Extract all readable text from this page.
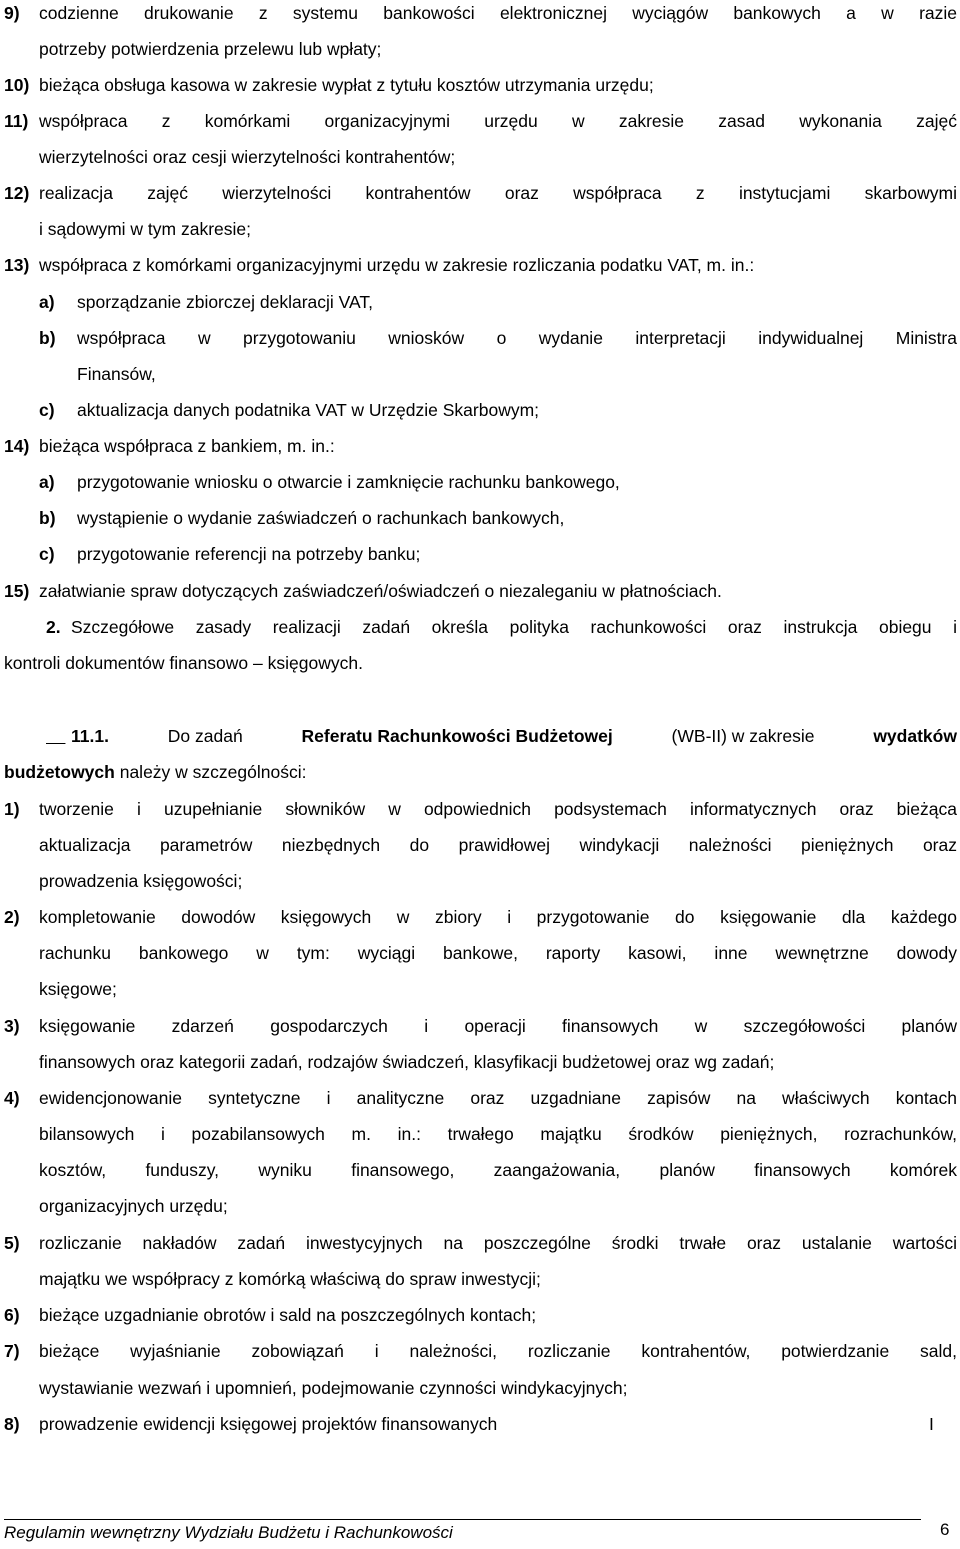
9) codzienne drukowanie z systemu bankowości elektronicznej wyciągów bankowych a w razie
potrzeby potwierdzenia przelewu lub wpłaty;
10) bieżąca obsługa kasowa w zakresie wypłat z tytułu kosztów utrzymania urzędu;
11) współpraca z komórkami organizacyjnymi urzędu w zakresie zasad wykonania zajęć
wierzytelności oraz cesji wierzytelności kontrahentów;
12) realizacja zajęć wierzytelności kontrahentów oraz współpraca z instytucjami skarbowymi
i sądowymi w tym zakresie;
13) współpraca z komórkami organizacyjnymi urzędu w zakresie rozliczania podatku VAT, m. in.:
a) sporządzanie zbiorczej deklaracji VAT,
b) współpraca w przygotowaniu wniosków o wydanie interpretacji indywidualnej Ministra
Finansów,
c) aktualizacja danych podatnika VAT w Urzędzie Skarbowym;
14) bieżąca współpraca z bankiem, m. in.:
a) przygotowanie wniosku o otwarcie i zamknięcie rachunku bankowego,
b) wystąpienie o wydanie zaświadczeń o rachunkach bankowych,
c) przygotowanie referencji na potrzeby banku;
15) załatwianie spraw dotyczących zaświadczeń/oświadczeń o niezaleganiu w płatnościach.
2. Szczegółowe zasady realizacji zadań określa polityka rachunkowości oraz instrukcja obiegu i
kontroli dokumentów finansowo – księgowych.

11.1.	Do zadań	Referatu Rachunkowości Budżetowej	(WB-II) w zakresie	wydatków
budżetowych należy w szczególności:
1) tworzenie i uzupełnianie słowników w odpowiednich podsystemach informatycznych oraz bieżąca
aktualizacja parametrów niezbędnych do prawidłowej windykacji należności pieniężnych oraz
prowadzenia księgowości;
2) kompletowanie dowodów księgowych w zbiory i przygotowanie do księgowanie dla każdego
rachunku bankowego w tym: wyciągi bankowe, raporty kasowi, inne wewnętrzne dowody
księgowe;
3) księgowanie zdarzeń gospodarczych i operacji finansowych w szczegółowości planów
finansowych oraz kategorii zadań, rodzajów świadczeń, klasyfikacji budżetowej oraz wg zadań;
4) ewidencjonowanie syntetyczne i analityczne oraz uzgadniane zapisów na właściwych kontach
bilansowych i pozabilansowych m. in.: trwałego majątku środków pieniężnych, rozrachunków,
kosztów, funduszy, wyniku finansowego, zaangażowania, planów finansowych komórek
organizacyjnych urzędu;
5) rozliczanie nakładów zadań inwestycyjnych na poszczególne środki trwałe oraz ustalanie wartości
majątku we współpracy z komórką właściwą do spraw inwestycji;
6) bieżące uzgadnianie obrotów i sald na poszczególnych kontach;
7) bieżące wyjaśnianie zobowiązań i należności, rozliczanie kontrahentów, potwierdzanie sald,
wystawianie wezwań i upomnień, podejmowanie czynności windykacyjnych;
8) prowadzenie ewidencji księgowej projektów finansowanych	I
Regulamin wewnętrzny Wydziału Budżetu i Rachunkowości	6
